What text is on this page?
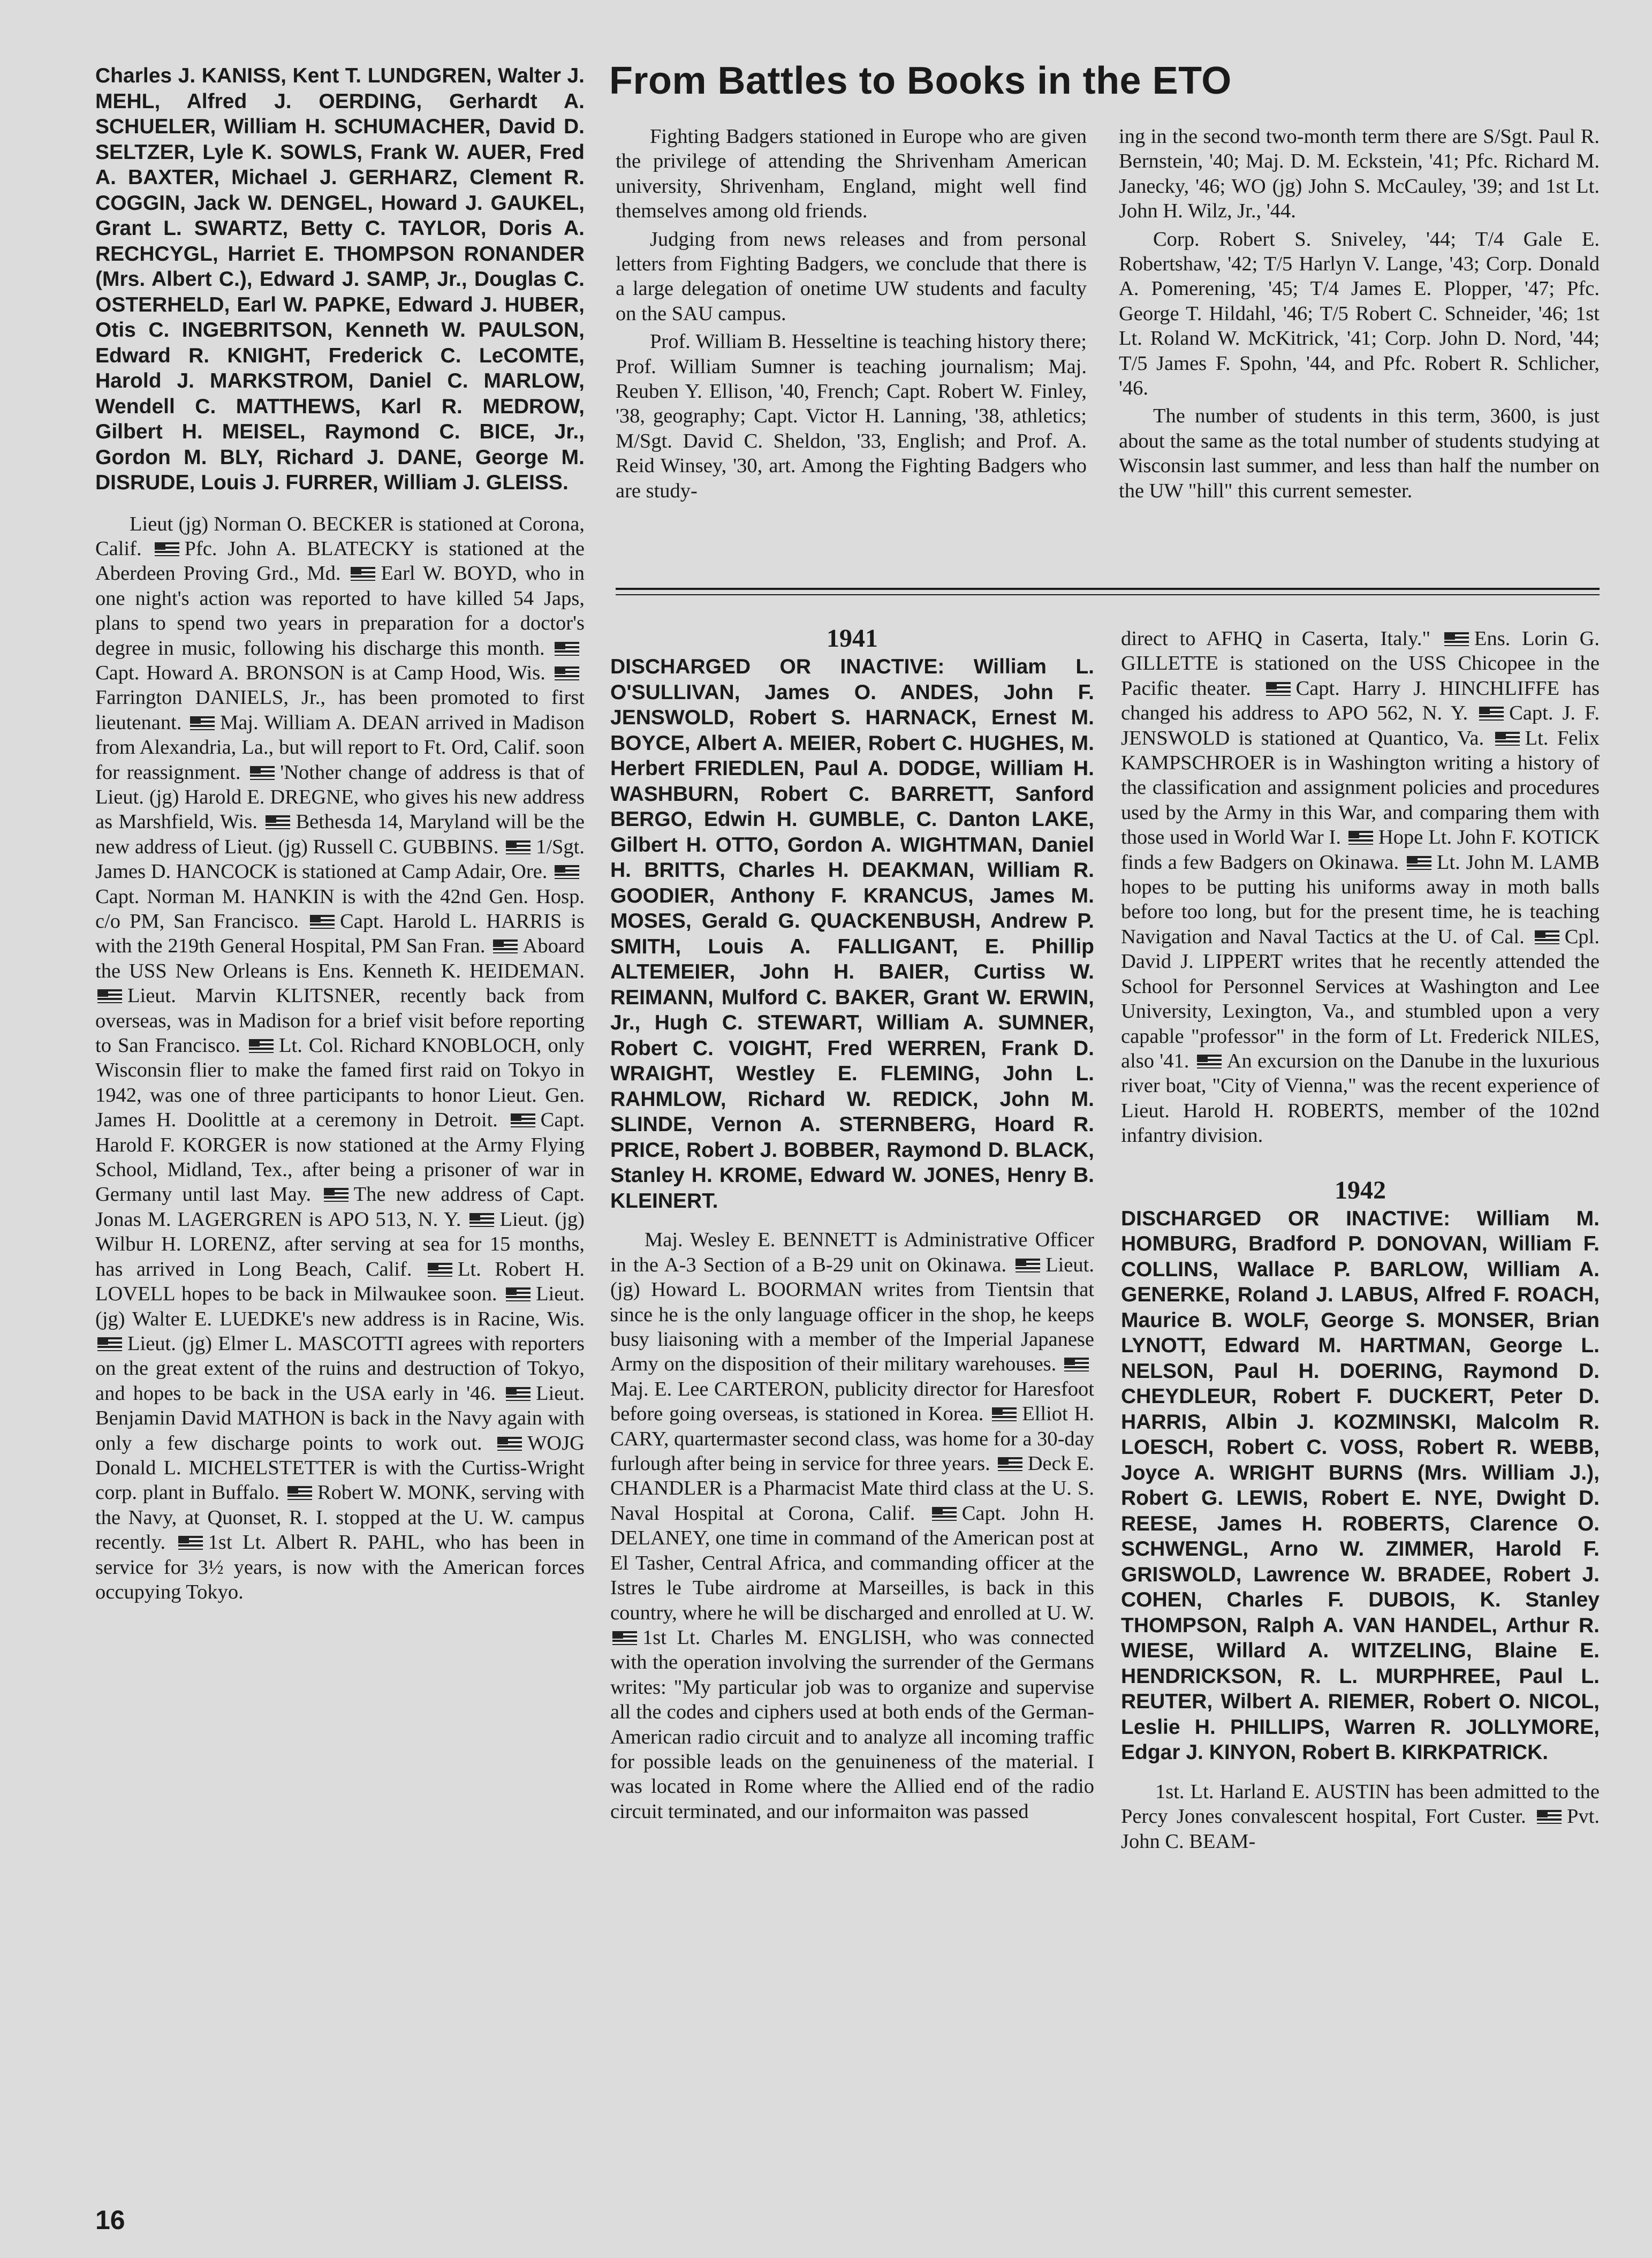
Charles J. KANISS, Kent T. LUNDGREN, Walter J. MEHL, Alfred J. OERDING, Gerhardt A. SCHUELER, William H. SCHUMACHER, David D. SELTZER, Lyle K. SOWLS, Frank W. AUER, Fred A. BAXTER, Michael J. GERHARZ, Clement R. COGGIN, Jack W. DENGEL, Howard J. GAUKEL, Grant L. SWARTZ, Betty C. TAYLOR, Doris A. RECHCYGL, Harriet E. THOMPSON RONANDER (Mrs. Albert C.), Edward J. SAMP, Jr., Douglas C. OSTERHELD, Earl W. PAPKE, Edward J. HUBER, Otis C. INGEBRITSON, Kenneth W. PAULSON, Edward R. KNIGHT, Frederick C. LeCOMTE, Harold J. MARKSTROM, Daniel C. MARLOW, Wendell C. MATTHEWS, Karl R. MEDROW, Gilbert H. MEISEL, Raymond C. BICE, Jr., Gordon M. BLY, Richard J. DANE, George M. DISRUDE, Louis J. FURRER, William J. GLEISS.

Lieut (jg) Norman O. BECKER is stationed at Corona, Calif. Pfc. John A. BLATECKY is stationed at the Aberdeen Proving Grd., Md. Earl W. BOYD, who in one night's action was reported to have killed 54 Japs, plans to spend two years in preparation for a doctor's degree in music, following his discharge this month. Capt. Howard A. BRONSON is at Camp Hood, Wis. Farrington DANIELS, Jr., has been promoted to first lieutenant. Maj. William A. DEAN arrived in Madison from Alexandria, La., but will report to Ft. Ord, Calif. soon for reassignment. 'Nother change of address is that of Lieut. (jg) Harold E. DREGNE, who gives his new address as Marshfield, Wis. Bethesda 14, Maryland will be the new address of Lieut. (jg) Russell C. GUBBINS. 1/Sgt. James D. HANCOCK is stationed at Camp Adair, Ore. Capt. Norman M. HANKIN is with the 42nd Gen. Hosp. c/o PM, San Francisco. Capt. Harold L. HARRIS is with the 219th General Hospital, PM San Fran. Aboard the USS New Orleans is Ens. Kenneth K. HEIDEMAN. Lieut. Marvin KLITSNER, recently back from overseas, was in Madison for a brief visit before reporting to San Francisco. Lt. Col. Richard KNOBLOCH, only Wisconsin flier to make the famed first raid on Tokyo in 1942, was one of three participants to honor Lieut. Gen. James H. Doolittle at a ceremony in Detroit. Capt. Harold F. KORGER is now stationed at the Army Flying School, Midland, Tex., after being a prisoner of war in Germany until last May. The new address of Capt. Jonas M. LAGERGREN is APO 513, N. Y. Lieut. (jg) Wilbur H. LORENZ, after serving at sea for 15 months, has arrived in Long Beach, Calif. Lt. Robert H. LOVELL hopes to be back in Milwaukee soon. Lieut. (jg) Walter E. LUEDKE's new address is in Racine, Wis. Lieut. (jg) Elmer L. MASCOTTI agrees with reporters on the great extent of the ruins and destruction of Tokyo, and hopes to be back in the USA early in '46. Lieut. Benjamin David MATHON is back in the Navy again with only a few discharge points to work out. WOJG Donald L. MICHELSTETTER is with the Curtiss-Wright corp. plant in Buffalo. Robert W. MONK, serving with the Navy, at Quonset, R. I. stopped at the U. W. campus recently. 1st Lt. Albert R. PAHL, who has been in service for 3½ years, is now with the American forces occupying Tokyo.

From Battles to Books in the ETO

Fighting Badgers stationed in Europe who are given the privilege of attending the Shrivenham American university, Shrivenham, England, might well find themselves among old friends.

Judging from news releases and from personal letters from Fighting Badgers, we conclude that there is a large delegation of onetime UW students and faculty on the SAU campus.

Prof. William B. Hesseltine is teaching history there; Prof. William Sumner is teaching journalism; Maj. Reuben Y. Ellison, '40, French; Capt. Robert W. Finley, '38, geography; Capt. Victor H. Lanning, '38, athletics; M/Sgt. David C. Sheldon, '33, English; and Prof. A. Reid Winsey, '30, art. Among the Fighting Badgers who are study-

ing in the second two-month term there are S/Sgt. Paul R. Bernstein, '40; Maj. D. M. Eckstein, '41; Pfc. Richard M. Janecky, '46; WO (jg) John S. McCauley, '39; and 1st Lt. John H. Wilz, Jr., '44.

Corp. Robert S. Sniveley, '44; T/4 Gale E. Robertshaw, '42; T/5 Harlyn V. Lange, '43; Corp. Donald A. Pomerening, '45; T/4 James E. Plopper, '47; Pfc. George T. Hildahl, '46; T/5 Robert C. Schneider, '46; 1st Lt. Roland W. McKitrick, '41; Corp. John D. Nord, '44; T/5 James F. Spohn, '44, and Pfc. Robert R. Schlicher, '46.

The number of students in this term, 3600, is just about the same as the total number of students studying at Wisconsin last summer, and less than half the number on the UW "hill" this current semester.

1941

DISCHARGED OR INACTIVE: William L. O'SULLIVAN, James O. ANDES, John F. JENSWOLD, Robert S. HARNACK, Ernest M. BOYCE, Albert A. MEIER, Robert C. HUGHES, M. Herbert FRIEDLEN, Paul A. DODGE, William H. WASHBURN, Robert C. BARRETT, Sanford BERGO, Edwin H. GUMBLE, C. Danton LAKE, Gilbert H. OTTO, Gordon A. WIGHTMAN, Daniel H. BRITTS, Charles H. DEAKMAN, William R. GOODIER, Anthony F. KRANCUS, James M. MOSES, Gerald G. QUACKENBUSH, Andrew P. SMITH, Louis A. FALLIGANT, E. Phillip ALTEMEIER, John H. BAIER, Curtiss W. REIMANN, Mulford C. BAKER, Grant W. ERWIN, Jr., Hugh C. STEWART, William A. SUMNER, Robert C. VOIGHT, Fred WERREN, Frank D. WRAIGHT, Westley E. FLEMING, John L. RAHMLOW, Richard W. REDICK, John M. SLINDE, Vernon A. STERNBERG, Hoard R. PRICE, Robert J. BOBBER, Raymond D. BLACK, Stanley H. KROME, Edward W. JONES, Henry B. KLEINERT.

Maj. Wesley E. BENNETT is Administrative Officer in the A-3 Section of a B-29 unit on Okinawa. Lieut. (jg) Howard L. BOORMAN writes from Tientsin that since he is the only language officer in the shop, he keeps busy liaisoning with a member of the Imperial Japanese Army on the disposition of their military warehouses. Maj. E. Lee CARTERON, publicity director for Haresfoot before going overseas, is stationed in Korea. Elliot H. CARY, quartermaster second class, was home for a 30-day furlough after being in service for three years. Deck E. CHANDLER is a Pharmacist Mate third class at the U. S. Naval Hospital at Corona, Calif. Capt. John H. DELANEY, one time in command of the American post at El Tasher, Central Africa, and commanding officer at the Istres le Tube airdrome at Marseilles, is back in this country, where he will be discharged and enrolled at U. W. 1st Lt. Charles M. ENGLISH, who was connected with the operation involving the surrender of the Germans writes: "My particular job was to organize and supervise all the codes and ciphers used at both ends of the German-American radio circuit and to analyze all incoming traffic for possible leads on the genuineness of the material. I was located in Rome where the Allied end of the radio circuit terminated, and our informaiton was passed

direct to AFHQ in Caserta, Italy." Ens. Lorin G. GILLETTE is stationed on the USS Chicopee in the Pacific theater. Capt. Harry J. HINCHLIFFE has changed his address to APO 562, N. Y. Capt. J. F. JENSWOLD is stationed at Quantico, Va. Lt. Felix KAMPSCHROER is in Washington writing a history of the classification and assignment policies and procedures used by the Army in this War, and comparing them with those used in World War I. Hope Lt. John F. KOTICK finds a few Badgers on Okinawa. Lt. John M. LAMB hopes to be putting his uniforms away in moth balls before too long, but for the present time, he is teaching Navigation and Naval Tactics at the U. of Cal. Cpl. David J. LIPPERT writes that he recently attended the School for Personnel Services at Washington and Lee University, Lexington, Va., and stumbled upon a very capable "professor" in the form of Lt. Frederick NILES, also '41. An excursion on the Danube in the luxurious river boat, "City of Vienna," was the recent experience of Lieut. Harold H. ROBERTS, member of the 102nd infantry division.

1942

DISCHARGED OR INACTIVE: William M. HOMBURG, Bradford P. DONOVAN, William F. COLLINS, Wallace P. BARLOW, William A. GENERKE, Roland J. LABUS, Alfred F. ROACH, Maurice B. WOLF, George S. MONSER, Brian LYNOTT, Edward M. HARTMAN, George L. NELSON, Paul H. DOERING, Raymond D. CHEYDLEUR, Robert F. DUCKERT, Peter D. HARRIS, Albin J. KOZMINSKI, Malcolm R. LOESCH, Robert C. VOSS, Robert R. WEBB, Joyce A. WRIGHT BURNS (Mrs. William J.), Robert G. LEWIS, Robert E. NYE, Dwight D. REESE, James H. ROBERTS, Clarence O. SCHWENGL, Arno W. ZIMMER, Harold F. GRISWOLD, Lawrence W. BRADEE, Robert J. COHEN, Charles F. DUBOIS, K. Stanley THOMPSON, Ralph A. VAN HANDEL, Arthur R. WIESE, Willard A. WITZELING, Blaine E. HENDRICKSON, R. L. MURPHREE, Paul L. REUTER, Wilbert A. RIEMER, Robert O. NICOL, Leslie H. PHILLIPS, Warren R. JOLLYMORE, Edgar J. KINYON, Robert B. KIRKPATRICK.

1st. Lt. Harland E. AUSTIN has been admitted to the Percy Jones convalescent hospital, Fort Custer. Pvt. John C. BEAM-

16
